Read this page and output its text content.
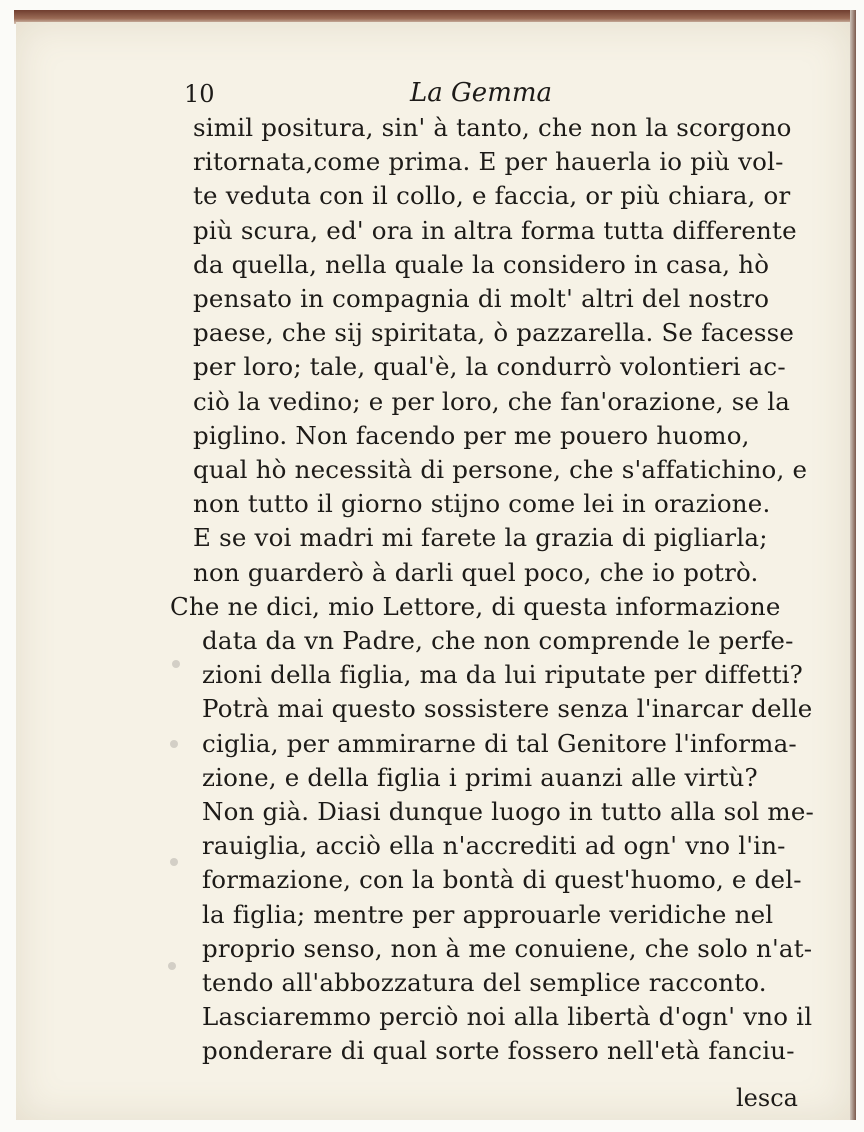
10	La Gemma
simil positura, sin' à tanto, che non la scorgono
ritornata,come prima. E per hauerla io più vol-
te veduta con il collo, e faccia, or più chiara, or
più scura, ed' ora in altra forma tutta differente
da quella, nella quale la considero in casa, hò
pensato in compagnia di molt' altri del nostro
paese, che sij spiritata, ò pazzarella. Se facesse
per loro; tale, qual'è, la condurrò volontieri ac-
ciò la vedino; e per loro, che fan'orazione, se la
piglino. Non facendo per me pouero huomo,
qual hò necessità di persone, che s'affatichino, e
non tutto il giorno stijno come lei in orazione.
E se voi madri mi farete la grazia di pigliarla;
non guarderò à darli quel poco, che io potrò.
Che ne dici, mio Lettore, di questa informazione
data da vn Padre, che non comprende le perfe-
zioni della figlia, ma da lui riputate per diffetti?
Potrà mai questo sossistere senza l'inarcar delle
ciglia, per ammirarne di tal Genitore l'informa-
zione, e della figlia i primi auanzi alle virtù?
Non già. Diasi dunque luogo in tutto alla sol me-
rauiglia, acciò ella n'accrediti ad ogn' vno l'in-
formazione, con la bontà di quest'huomo, e del-
la figlia; mentre per approuarle veridiche nel
proprio senso, non à me conuiene, che solo n'at-
tendo all'abbozzatura del semplice racconto.
Lasciaremmo perciò noi alla libertà d'ogn' vno il
ponderare di qual sorte fossero nell'età fanciu-
lesca
